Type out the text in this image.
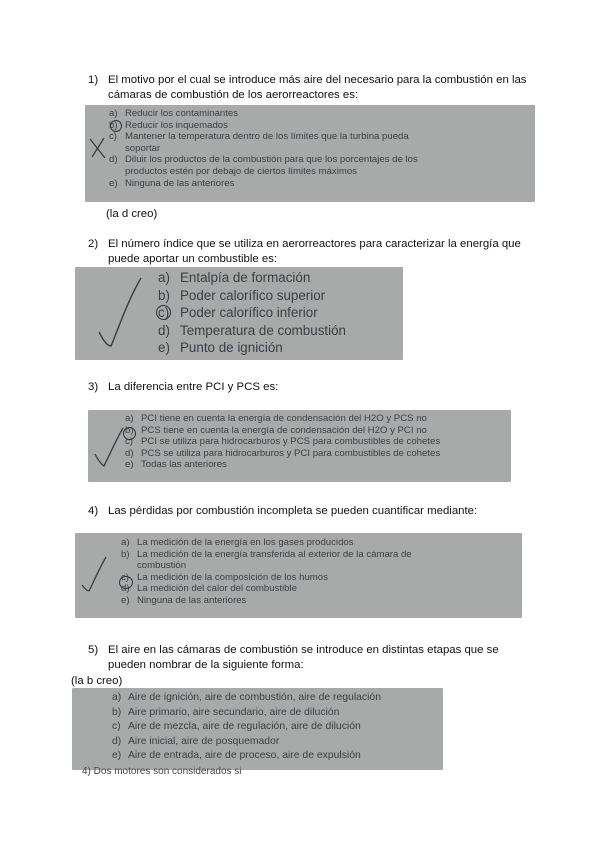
1) El motivo por el cual se introduce más aire del necesario para la combustión en las cámaras de combustión de los aerorreactores es:
a) Reducir los contaminantes
b) Reducir los inquemados
c) Mantener la temperatura dentro de los límites que la turbina pueda
soportar
d) Diluir los productos de la combustión para que los porcentajes de los
productos estén por debajo de ciertos límites máximos
e) Ninguna de las anteriores
(la d creo)
2) El número índice que se utiliza en aerorreactores para caracterizar la energía que puede aportar un combustible es:
a) Entalpía de formación
b) Poder calorífico superior
c) Poder calorífico inferior
d) Temperatura de combustión
e) Punto de ignición
3) La diferencia entre PCI y PCS es:
a) PCI tiene en cuenta la energía de condensación del H2O y PCS no
b) PCS tiene en cuenta la energía de condensación del H2O y PCI no
c) PCI se utiliza para hidrocarburos y PCS para combustibles de cohetes
d) PCS se utiliza para hidrocarburos y PCI para combustibles de cohetes
e) Todas las anteriores
4) Las pérdidas por combustión incompleta se pueden cuantificar mediante:
a) La medición de la energía en los gases producidos
b) La medición de la energía transferida al exterior de la cámara de
combustión
c) La medición de la composición de los humos
d) La medición del calor del combustible
e) Ninguna de las anteriores
5) El aire en las cámaras de combustión se introduce en distintas etapas que se pueden nombrar de la siguiente forma:
(la b creo)
a) Aire de ignición, aire de combustión, aire de regulación
b) Aire primario, aire secundario, aire de dilución
c) Aire de mezcla, aire de regulación, aire de dilución
d) Aire inicial, aire de posquemador
e) Aire de entrada, aire de proceso, aire de expulsión
4) Dos motores son considerados si
